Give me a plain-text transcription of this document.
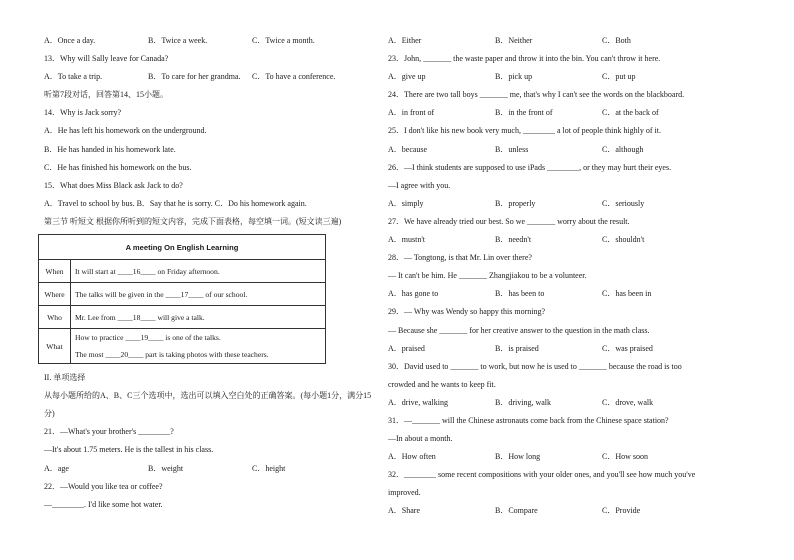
A．Once a day.	B．Twice a week.	C．Twice a month.
13．Why will Sally leave for Canada?
A．To take a trip.	B．To care for her grandma.	C．To have a conference.
听第7段对话，回答第14、15小题。
14．Why is Jack sorry?
A．He has left his homework on the underground.
B．He has handed in his homework late.
C．He has finished his homework on the bus.
15．What does Miss Black ask Jack to do?
A．Travel to school by bus. B．Say that he is sorry. C．Do his homework again.
第三节 听短文 根据你所听到的短文内容，完成下面表格，每空填一词。(短文读三遍)
A meeting On English Learning	
When	It will start at ____16____ on Friday afternoon.
Where	The talks will be given in the ____17____ of our school.
Who	Mr. Lee from ____18____ will give a talk.
What	How to practice ____19____ is one of the talks.
The most ____20____ part is taking photos with these teachers.
II. 单项选择
从每小题所给的A、B、C三个选项中，选出可以填入空白处的正确答案。(每小题1分，满分15
分)
21．—What's your brother's ________?
—It's about 1.75 meters. He is the tallest in his class.
A．age	B．weight	C．height
22．—Would you like tea or coffee?
—________. I'd like some hot water.
A．Either	B．Neither	C．Both
23．John, _______ the waste paper and throw it into the bin. You can't throw it here.
A．give up	B．pick up	C．put up
24．There are two tall boys _______ me, that's why I can't see the words on the blackboard.
A．in front of	B．in the front of	C．at the back of
25．I don't like his new book very much, ________ a lot of people think highly of it.
A．because	B．unless	C．although
26．—I think students are supposed to use iPads ________, or they may hurt their eyes.
—I agree with you.
A．simply	B．properly	C．seriously
27．We have already tried our best. So we _______ worry about the result.
A．mustn't	B．needn't	C．shouldn't
28．— Tongtong, is that Mr. Lin over there?
— It can't be him. He _______ Zhangjiakou to be a volunteer.
A．has gone to	B．has been to	C．has been in
29．— Why was Wendy so happy this morning?
— Because she _______ for her creative answer to the question in the math class.
A．praised	B．is praised	C．was praised
30．David used to _______ to work, but now he is used to _______ because the road is too
crowded and he wants to keep fit.
A．drive, walking	B．driving, walk	C．drove, walk
31．—_______ will the Chinese astronauts come back from the Chinese space station?
—In about a month.
A．How often	B．How long	C．How soon
32．________ some recent compositions with your older ones, and you'll see how much you've
improved.
A．Share	B．Compare	C．Provide
